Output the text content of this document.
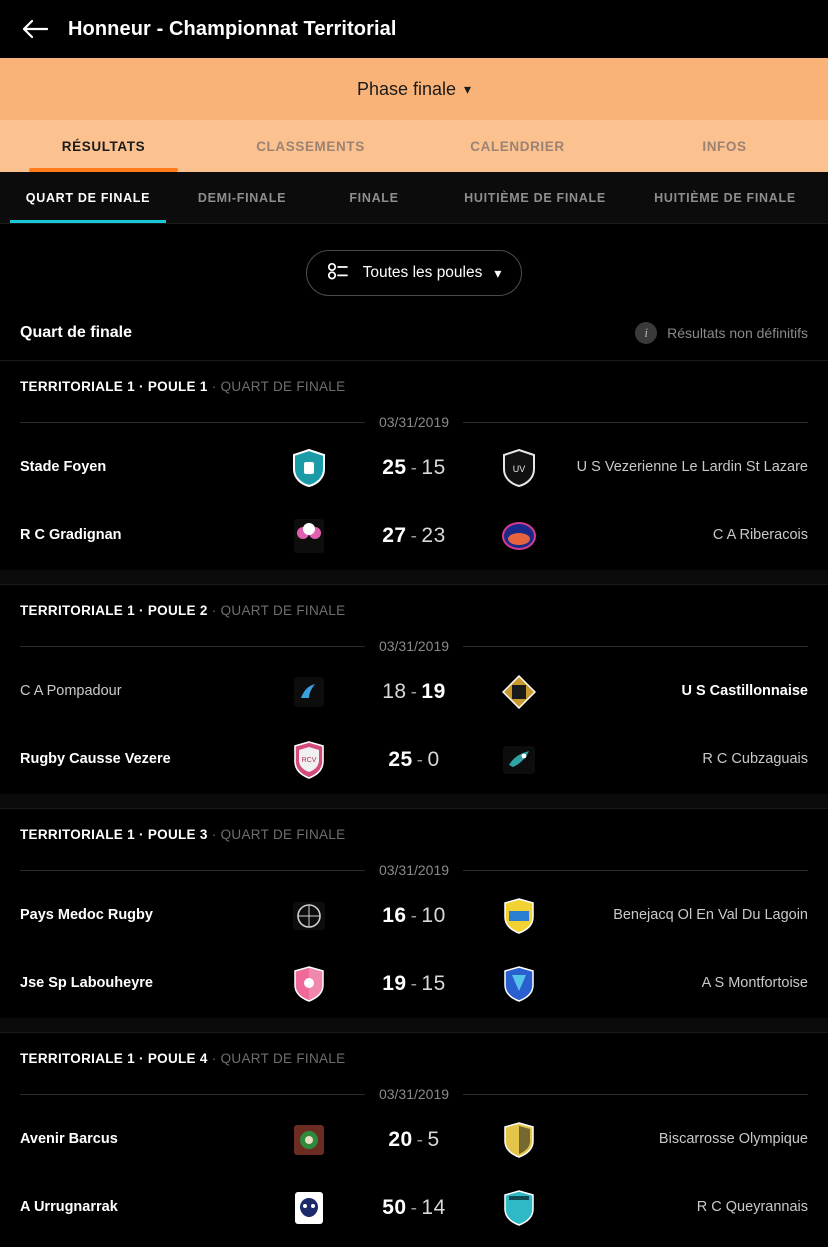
Honneur - Championnat Territorial
Phase finale ▾
RÉSULTATS	CLASSEMENTS	CALENDRIER	INFOS
QUART DE FINALE	DEMI-FINALE	FINALE	HUITIÈME DE FINALE	HUITIÈME DE FINALE
Toutes les poules ▾
Quart de finale	i	Résultats non définitifs
TERRITORIALE 1 · POULE 1 · QUART DE FINALE
03/31/2019
Stade Foyen	25 - 15	UV	U S Vezerienne Le Lardin St Lazare
R C Gradignan	27 - 23	C A Riberacois
TERRITORIALE 1 · POULE 2 · QUART DE FINALE
03/31/2019
C A Pompadour	18 - 19	U S Castillonnaise
Rugby Causse Vezere	RCV	25 - 0	R C Cubzaguais
TERRITORIALE 1 · POULE 3 · QUART DE FINALE
03/31/2019
Pays Medoc Rugby	16 - 10	Benejacq Ol En Val Du Lagoin
Jse Sp Labouheyre	19 - 15	A S Montfortoise
TERRITORIALE 1 · POULE 4 · QUART DE FINALE
03/31/2019
Avenir Barcus	20 - 5	Biscarrosse Olympique
A Urrugnarrak	50 - 14	R C Queyrannais
